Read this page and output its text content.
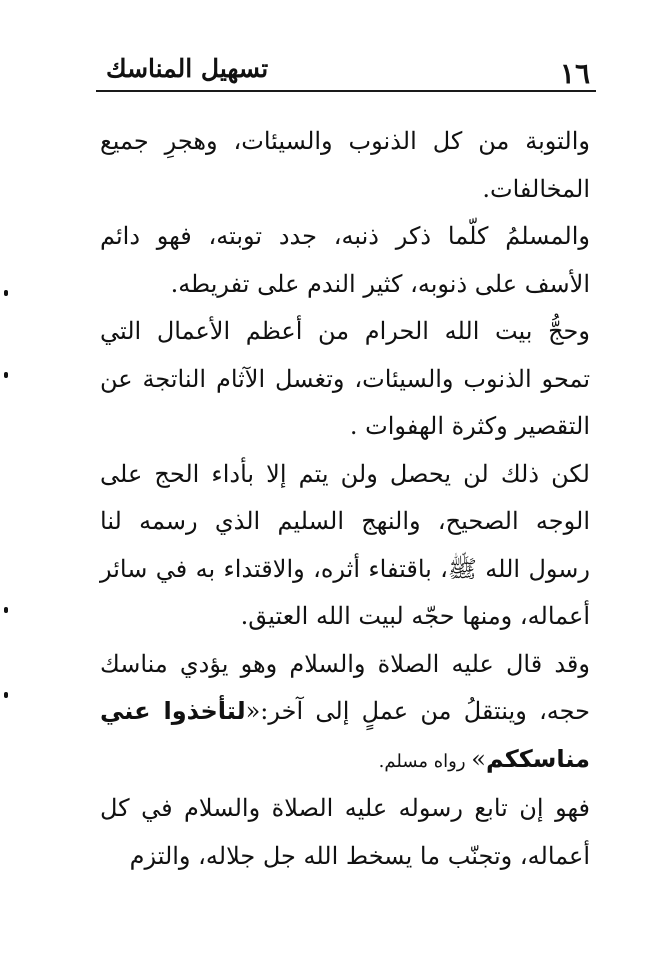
١٦
تسهيل المناسك

والتوبة من كل الذنوب والسيئات، وهجرِ جميع المخالفات.

والمسلمُ كلّما ذكر ذنبه، جدد توبته، فهو دائم الأسف على ذنوبه، كثير الندم على تفريطه.

وحجُّ بيت الله الحرام من أعظم الأعمال التي تمحو الذنوب والسيئات، وتغسل الآثام الناتجة عن التقصير وكثرة الهفوات .

لكن ذلك لن يحصل ولن يتم إلا بأداء الحج على الوجه الصحيح، والنهج السليم الذي رسمه لنا رسول الله ﷺ، باقتفاء أثره، والاقتداء به في سائر أعماله، ومنها حجّه لبيت الله العتيق.

وقد قال عليه الصلاة والسلام وهو يؤدي مناسك حجه، وينتقلُ من عملٍ إلى آخر:«لتأخذوا عني مناسككم» رواه مسلم.

فهو إن تابع رسوله عليه الصلاة والسلام في كل أعماله، وتجنّب ما يسخط الله جل جلاله، والتزم
